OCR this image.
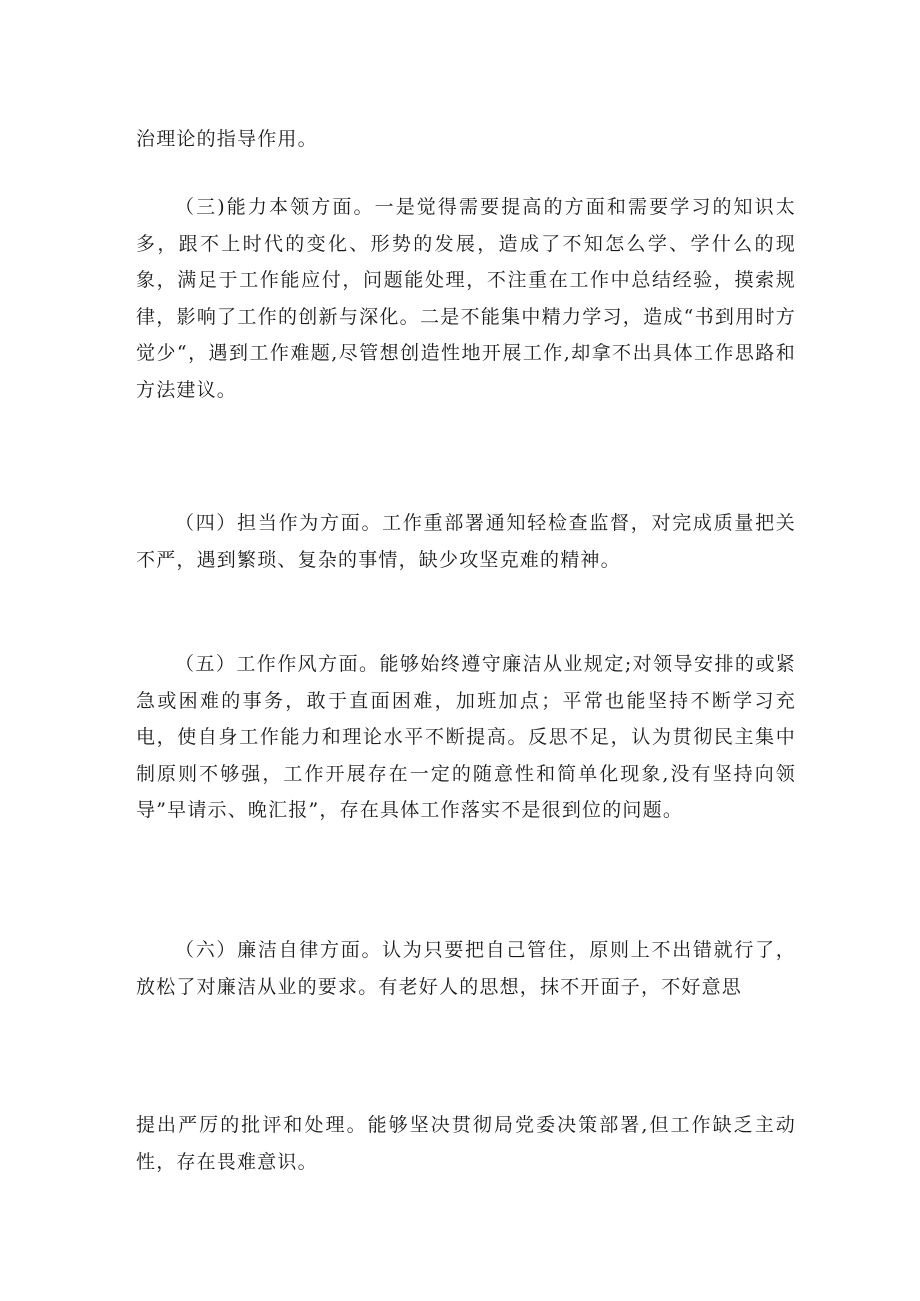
治理论的指导作用。

（三)能力本领方面。一是觉得需要提高的方面和需要学习的知识太多，跟不上时代的变化、形势的发展，造成了不知怎么学、学什么的现象，满足于工作能应付，问题能处理，不注重在工作中总结经验，摸索规律，影响了工作的创新与深化。二是不能集中精力学习，造成“书到用时方觉少“，遇到工作难题,尽管想创造性地开展工作,却拿不出具体工作思路和方法建议。

（四）担当作为方面。工作重部署通知轻检查监督，对完成质量把关不严，遇到繁琐、复杂的事情，缺少攻坚克难的精神。

（五）工作作风方面。能够始终遵守廉洁从业规定;对领导安排的或紧急或困难的事务，敢于直面困难，加班加点；平常也能坚持不断学习充电，使自身工作能力和理论水平不断提高。反思不足，认为贯彻民主集中制原则不够强，工作开展存在一定的随意性和简单化现象,没有坚持向领导”早请示、晚汇报”，存在具体工作落实不是很到位的问题。

（六）廉洁自律方面。认为只要把自己管住，原则上不出错就行了，放松了对廉洁从业的要求。有老好人的思想，抹不开面子，不好意思

提出严厉的批评和处理。能够坚决贯彻局党委决策部署,但工作缺乏主动性，存在畏难意识。
